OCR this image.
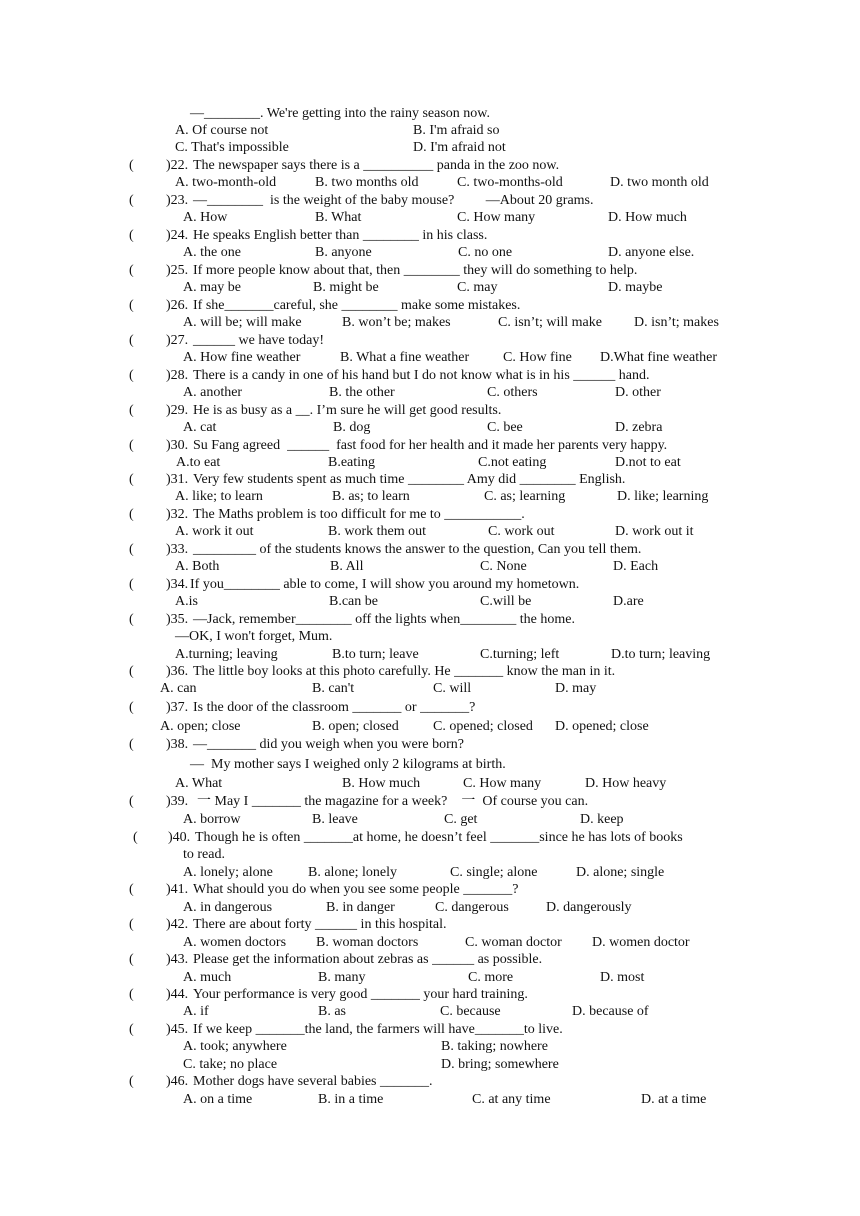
—________. We're getting into the rainy season now.
A. Of course not	B. I'm afraid so
C. That's impossible	D. I'm afraid not
( )22. The newspaper says there is a __________ panda in the zoo now.
A. two-month-old	B. two months old	C. two-months-old	D. two month old
( )23. —________  is the weight of the baby mouse?         —About 20 grams.
A. How	B. What	C. How many	D. How much
( )24. He speaks English better than ________ in his class.
A. the one	B. anyone	C. no one	D. anyone else.
( )25. If more people know about that, then ________ they will do something to help.
A. may be	B. might be	C. may	D. maybe
( )26. If she_______careful, she ________ make some mistakes.
A. will be; will make	B. won’t be; makes	C. isn’t; will make D. isn’t; makes
( )27. ______ we have today!
A. How fine weather	B. What a fine weather C. How fine D.What fine weather
( )28. There is a candy in one of his hand but I do not know what is in his ______ hand.
A. another	B. the other	C. others	D. other
( )29. He is as busy as a __. I’m sure he will get good results.
A. cat	B. dog	C. bee	D. zebra
( )30. Su Fang agreed  ______  fast food for her health and it made her parents very happy.
A.to eat	B.eating	C.not eating	D.not to eat
( )31. Very few students spent as much time ________ Amy did ________ English.
A. like; to learn	B. as; to learn	C. as; learning	D. like; learning
( )32. The Maths problem is too difficult for me to ___________.
A. work it out	B. work them out	C. work out	D. work out it
( )33. _________ of the students knows the answer to the question, Can you tell them.
A. Both	B. All	C. None	D. Each
( )34. If you________ able to come, I will show you around my hometown.
A.is	B.can be	C.will be	D.are
( )35. —Jack, remember________ off the lights when________ the home.
—OK, I won't forget, Mum.
A.turning; leaving	B.to turn; leave	C.turning; left	D.to turn; leaving
( )36. The little boy looks at this photo carefully. He _______ know the man in it.
A. can	B. can't	C. will	D. may
( )37. Is the door of the classroom _______ or _______?
A. open; close	B. open; closed C. opened; closed D. opened; close
( )38. —_______ did you weigh when you were born?
—  My mother says I weighed only 2 kilograms at birth.
A. What	B. How much	C. How many	D. How heavy
( )39. 一 May I _______ the magazine for a week?    一  Of course you can.
A. borrow	B. leave	C. get	D. keep
( )40. Though he is often _______at home, he doesn’t feel _______since he has lots of books
to read.
A. lonely; alone	B. alone; lonely	C. single; alone	D. alone; single
( )41. What should you do when you see some people _______?
A. in dangerous	B. in danger	C. dangerous	D. dangerously
( )42. There are about forty ______ in this hospital.
A. women doctors B. woman doctors	C. woman doctor D. women doctor
( )43. Please get the information about zebras as ______ as possible.
A. much	B. many	C. more	D. most
( )44. Your performance is very good _______ your hard training.
A. if	B. as	C. because	D. because of
( )45. If we keep _______the land, the farmers will have_______to live.
A. took; anywhere	B. taking; nowhere
C. take; no place	D. bring; somewhere
( )46. Mother dogs have several babies _______.
A. on a time	B. in a time	C. at any time	D. at a time
